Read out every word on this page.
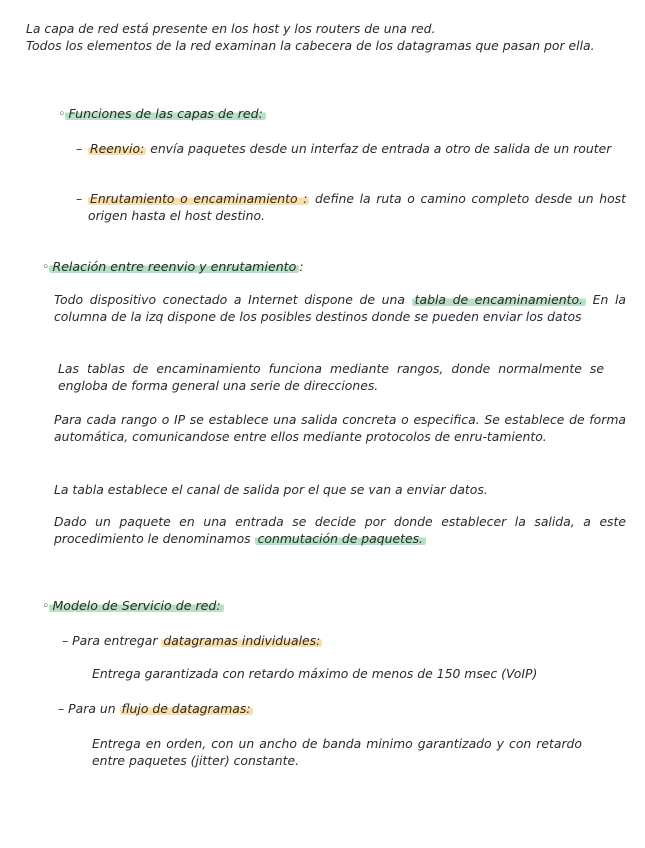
La capa de red está presente en los host y los routers de una red.
Todos los elementos de la red examinan la cabecera de los datagramas que pasan por ella.

◦ Funciones de las capas de red:

– Reenvio: envía paquetes desde un interfaz de entrada a otro de salida de un router
– Enrutamiento o encaminamiento : define la ruta o camino completo desde un host origen hasta el host destino.

◦ Relación entre reenvio y enrutamiento :

Todo dispositivo conectado a Internet dispone de una tabla de encaminamiento. En la columna de la izq dispone de los posibles destinos donde se pueden enviar los datos

Las tablas de encaminamiento funciona mediante rangos, donde normalmente se engloba de forma general una serie de direcciones.

Para cada rango o IP se establece una salida concreta o especifica. Se establece de forma automática, comunicandose entre ellos mediante protocolos de enru-tamiento.

La tabla establece el canal de salida por el que se van a enviar datos.

Dado un paquete en una entrada se decide por donde establecer la salida, a este procedimiento le denominamos conmutación de paquetes.

◦ Modelo de Servicio de red:

– Para entregar datagramas individuales:

Entrega garantizada con retardo máximo de menos de 150 msec (VoIP)

– Para un flujo de datagramas:

Entrega en orden, con un ancho de banda minimo garantizado y con retardo entre paquetes (jitter) constante.
